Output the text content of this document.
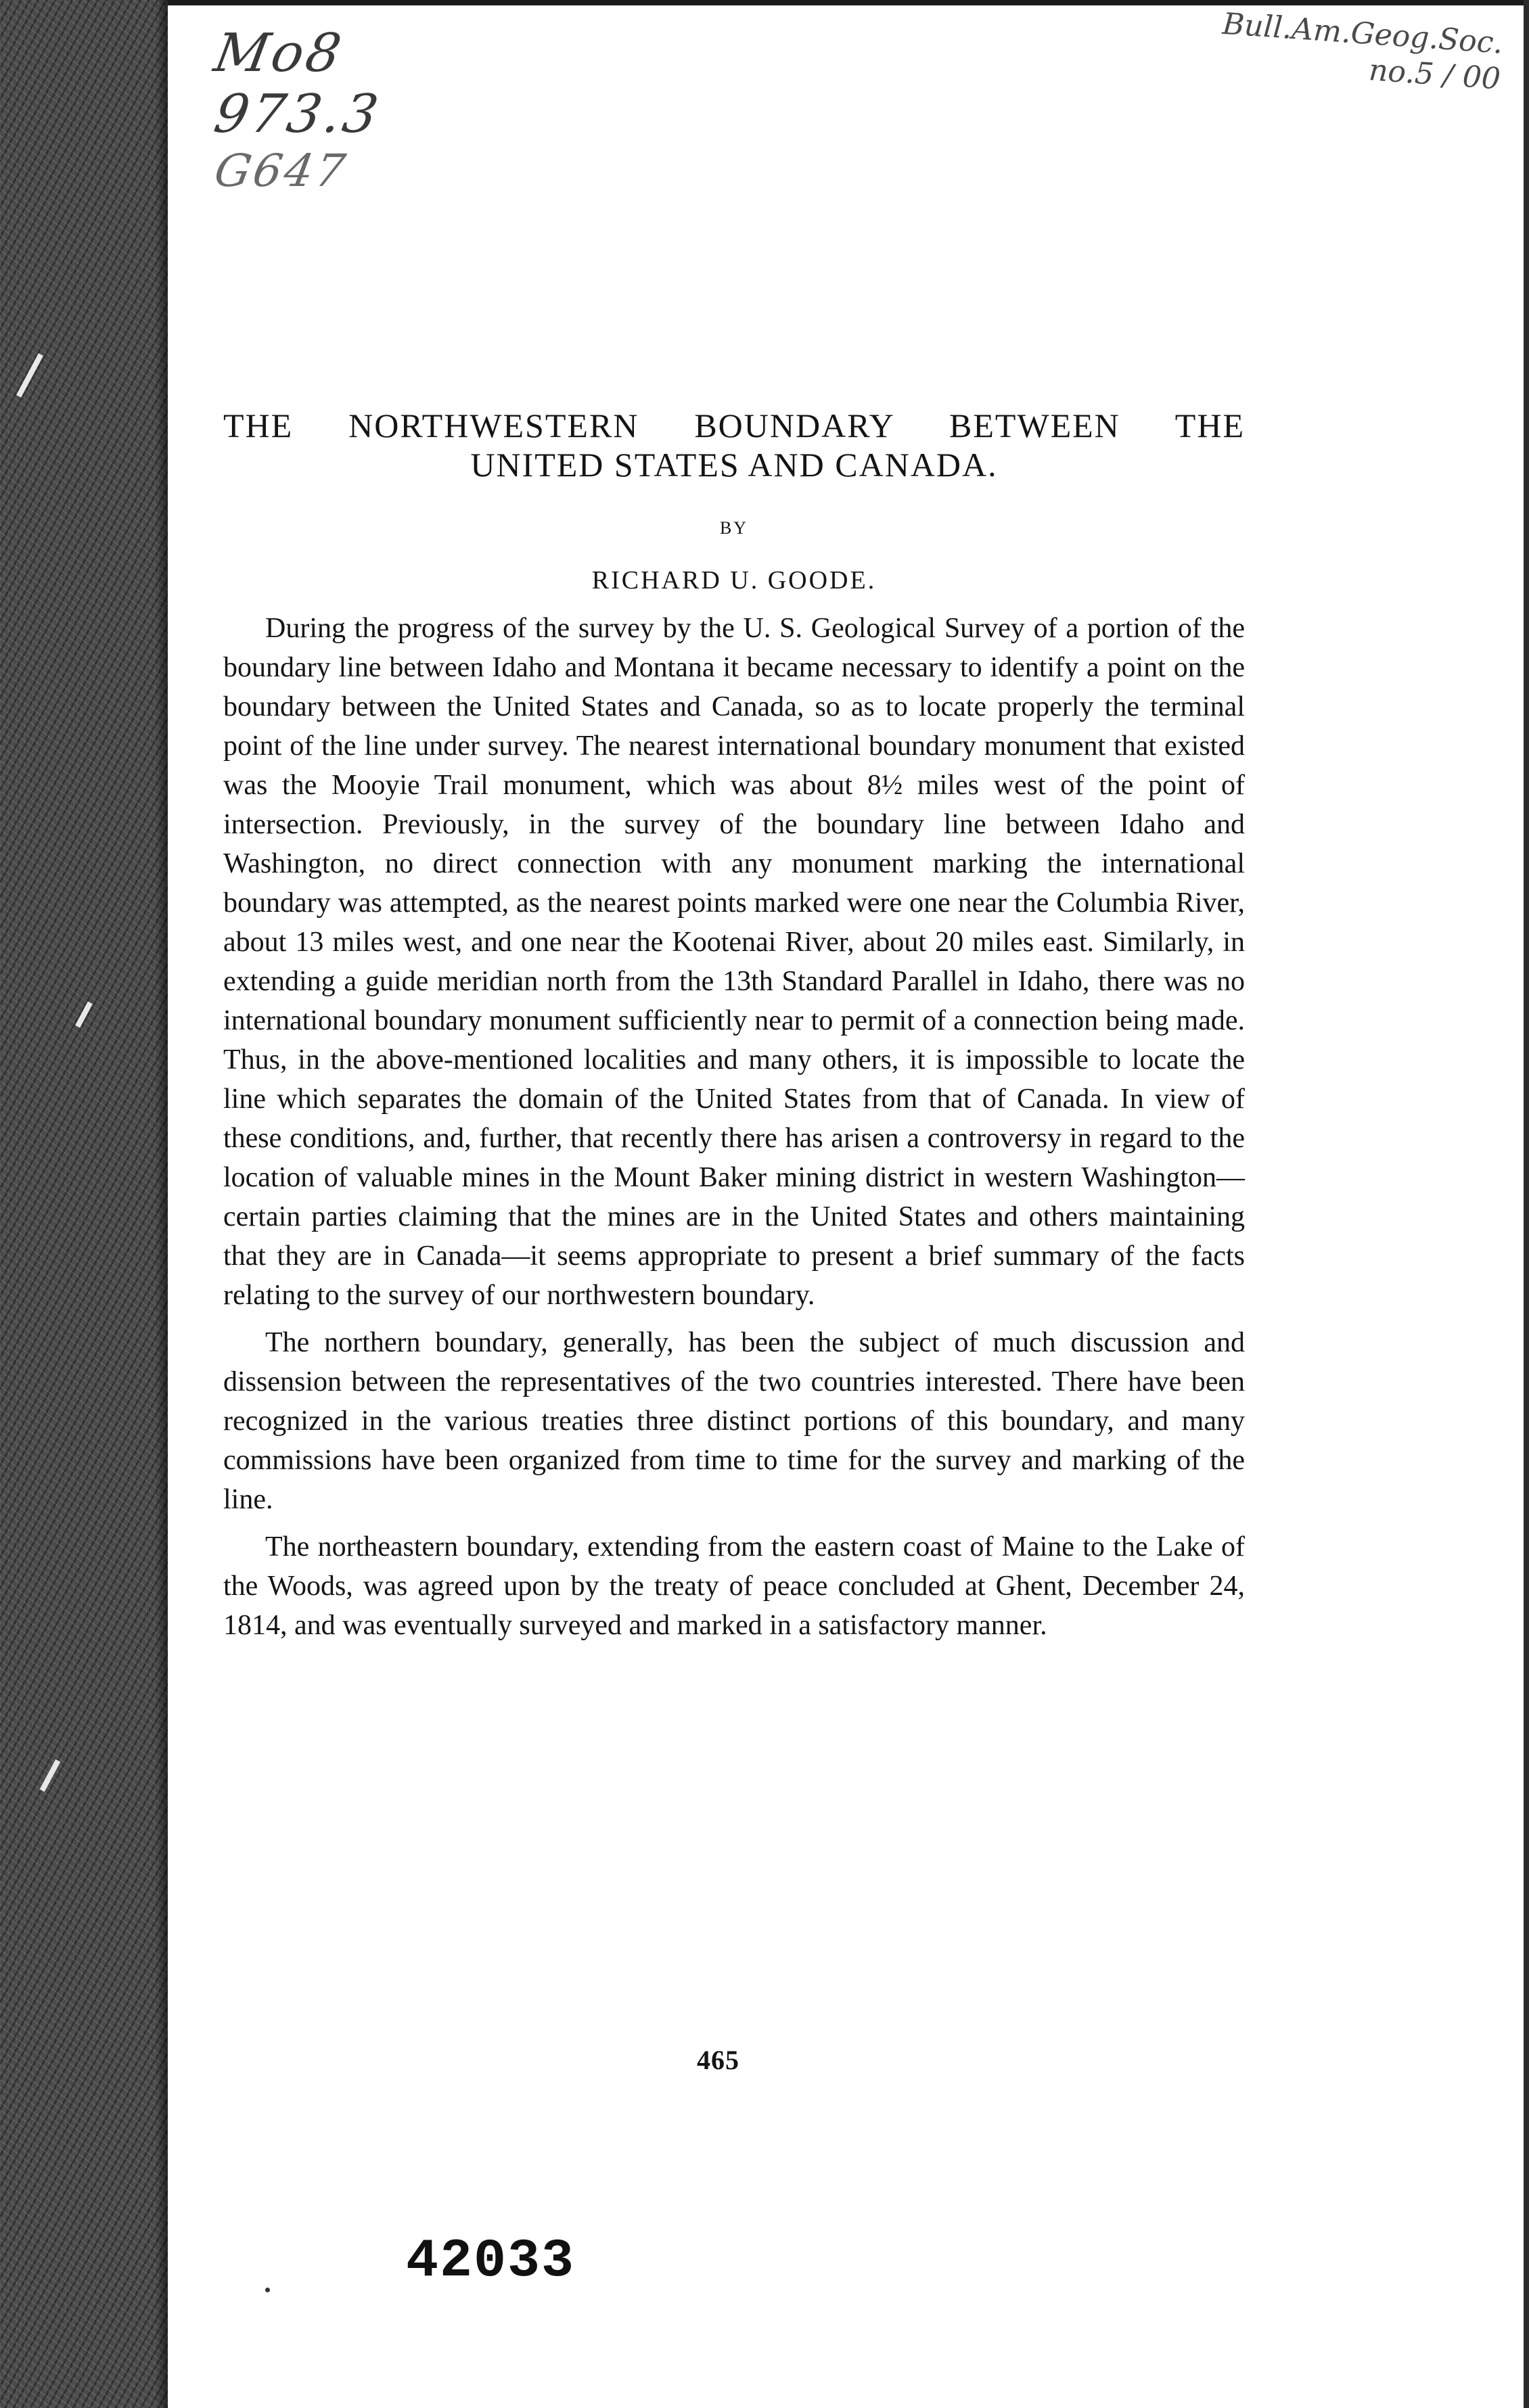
Mo8
973.3
G647
Bull.Am.Geog.Soc.
no.5 / 00
THE NORTHWESTERN BOUNDARY BETWEEN THE
UNITED STATES AND CANADA.

BY

RICHARD U. GOODE.

During the progress of the survey by the U. S. Geological Survey of a portion of the boundary line between Idaho and Montana it became necessary to identify a point on the boundary between the United States and Canada, so as to locate properly the terminal point of the line under survey. The nearest international boundary monument that existed was the Mooyie Trail monument, which was about 8½ miles west of the point of intersection. Previously, in the survey of the boundary line between Idaho and Washington, no direct connection with any monument marking the international boundary was attempted, as the nearest points marked were one near the Columbia River, about 13 miles west, and one near the Kootenai River, about 20 miles east. Similarly, in extending a guide meridian north from the 13th Standard Parallel in Idaho, there was no international boundary monument sufficiently near to permit of a connection being made. Thus, in the above-mentioned localities and many others, it is impossible to locate the line which separates the domain of the United States from that of Canada. In view of these conditions, and, further, that recently there has arisen a controversy in regard to the location of valuable mines in the Mount Baker mining district in western Washington—certain parties claiming that the mines are in the United States and others maintaining that they are in Canada—it seems appropriate to present a brief summary of the facts relating to the survey of our northwestern boundary.

The northern boundary, generally, has been the subject of much discussion and dissension between the representatives of the two countries interested. There have been recognized in the various treaties three distinct portions of this boundary, and many commissions have been organized from time to time for the survey and marking of the line.

The northeastern boundary, extending from the eastern coast of Maine to the Lake of the Woods, was agreed upon by the treaty of peace concluded at Ghent, December 24, 1814, and was eventually surveyed and marked in a satisfactory manner.

465
42033
